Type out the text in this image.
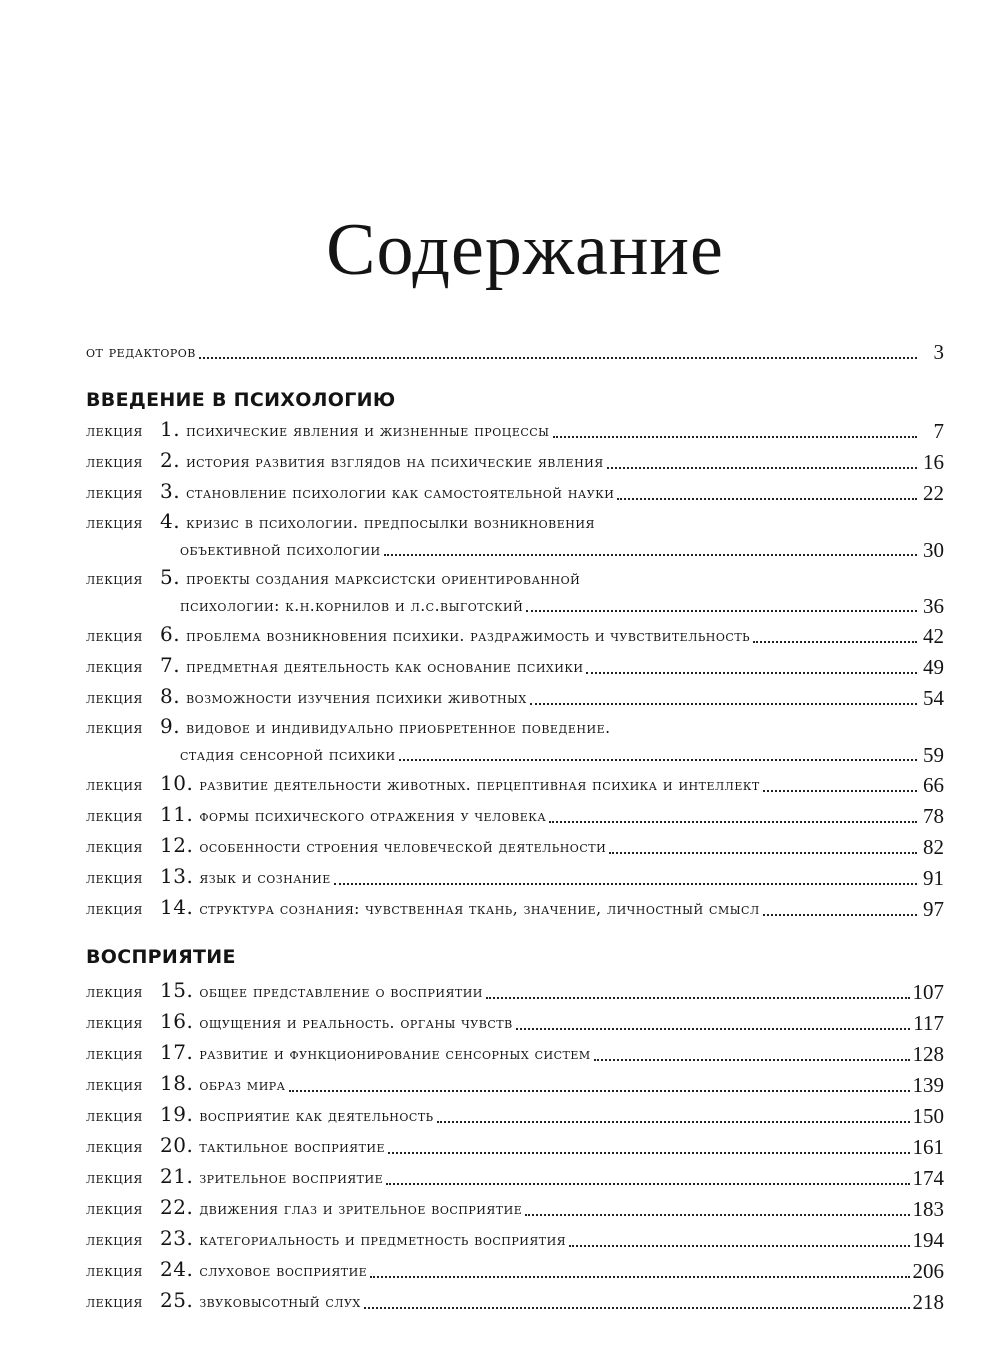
Содержание
от редакторов	3
ВВЕДЕНИЕ В ПСИХОЛОГИЮ
лекция 1. психические явления и жизненные процессы	7
лекция 2. история развития взглядов на психические явления	16
лекция 3. становление психологии как самостоятельной науки	22
лекция 4. кризис в психологии. предпосылки возникновения
объективной психологии	30
лекция 5. проекты создания марксистски ориентированной
психологии: к.н.корнилов и л.с.выготский	36
лекция 6. проблема возникновения психики. раздражимость и чувствительность	42
лекция 7. предметная деятельность как основание психики	49
лекция 8. возможности изучения психики животных	54
лекция 9. видовое и индивидуально приобретенное поведение.
стадия сенсорной психики	59
лекция 10. развитие деятельности животных. перцептивная психика и интеллект	66
лекция 11. формы психического отражения у человека	78
лекция 12. особенности строения человеческой деятельности	82
лекция 13. язык и сознание	91
лекция 14. структура сознания: чувственная ткань, значение, личностный смысл	97
ВОСПРИЯТИЕ
лекция 15. общее представление о восприятии	107
лекция 16. ощущения и реальность. органы чувств	117
лекция 17. развитие и функционирование сенсорных систем	128
лекция 18. образ мира	139
лекция 19. восприятие как деятельность	150
лекция 20. тактильное восприятие	161
лекция 21. зрительное восприятие	174
лекция 22. движения глаз и зрительное восприятие	183
лекция 23. категориальность и предметность восприятия	194
лекция 24. слуховое восприятие	206
лекция 25. звуковысотный слух	218
